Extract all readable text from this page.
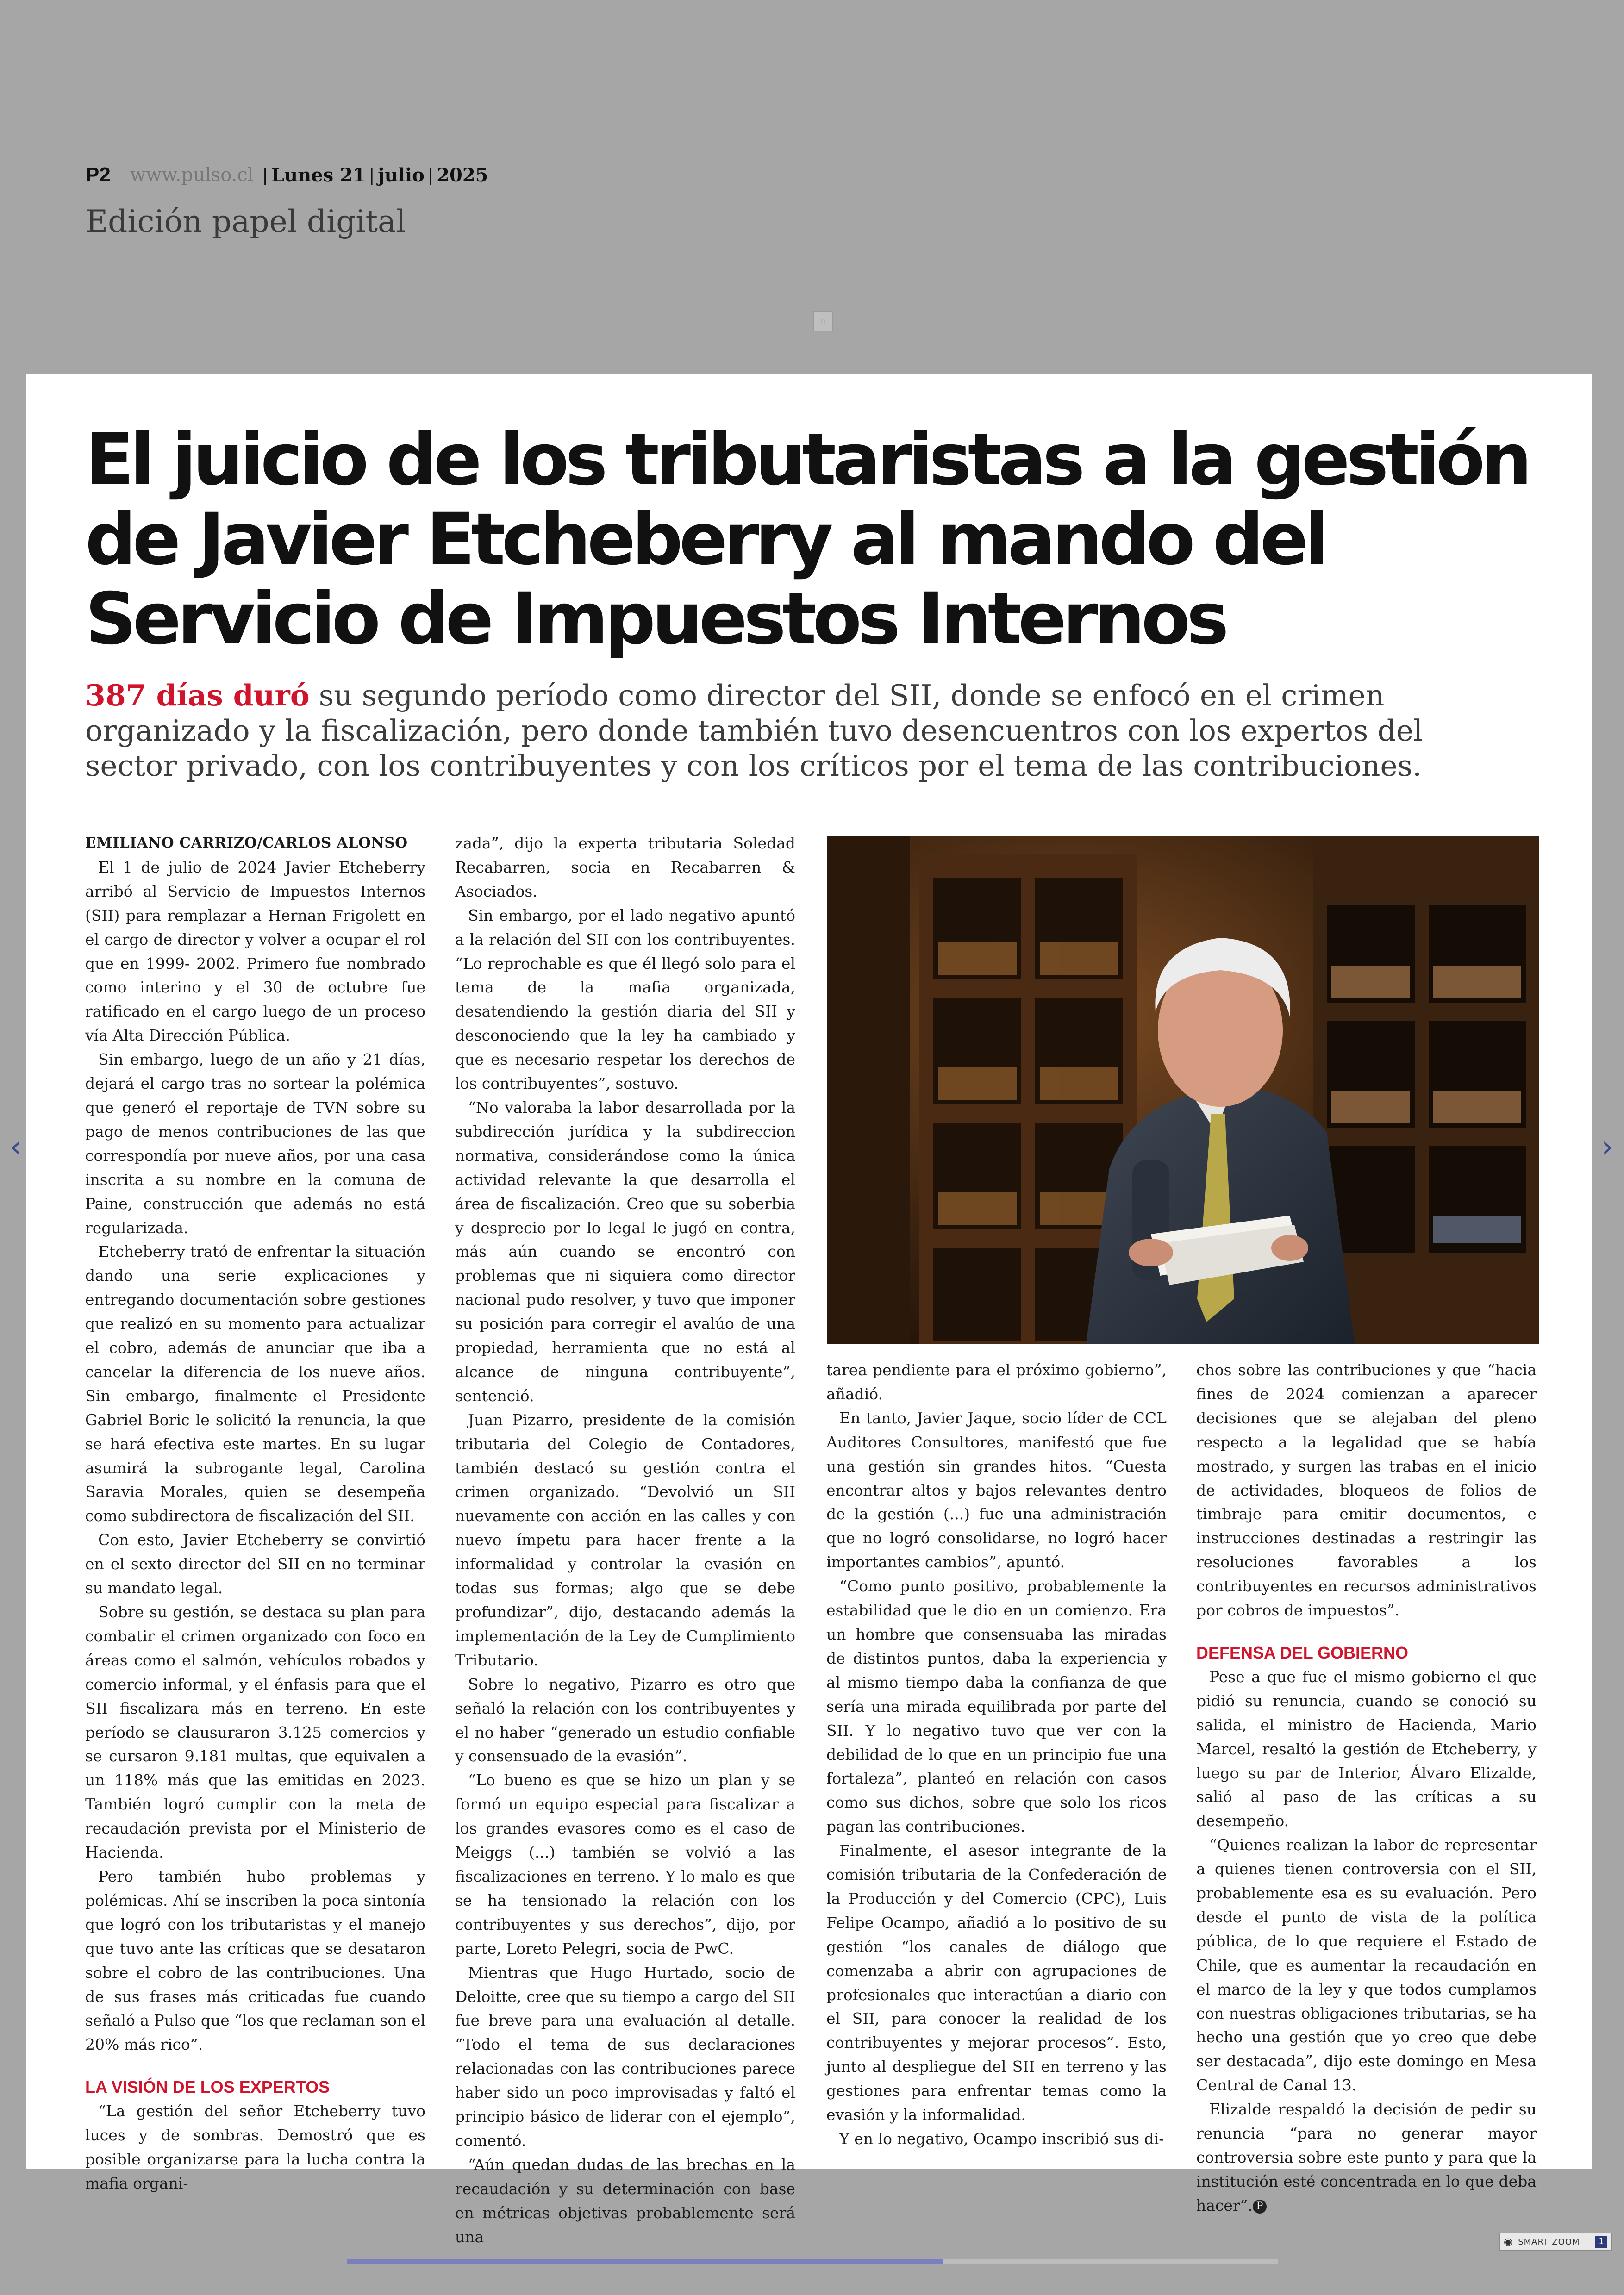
P2 www.pulso.cl | Lunes 21 | julio | 2025
Edición papel digital
▫
El juicio de los tributaristas a la gestión de Javier Etcheberry al mando del Servicio de Impuestos Internos
387 días duró su segundo período como director del SII, donde se enfocó en el crimen organizado y la fiscalización, pero donde también tuvo desencuentros con los expertos del sector privado, con los contribuyentes y con los críticos por el tema de las contribuciones.

EMILIANO CARRIZO/CARLOS ALONSO

El 1 de julio de 2024 Javier Etcheberry arribó al Servicio de Impuestos Internos (SII) para remplazar a Hernan Frigolett en el cargo de director y volver a ocupar el rol que en 1999- 2002. Primero fue nombrado como interino y el 30 de octubre fue ratificado en el cargo luego de un proceso vía Alta Dirección Pública.

Sin embargo, luego de un año y 21 días, dejará el cargo tras no sortear la polémica que generó el reportaje de TVN sobre su pago de menos contribuciones de las que correspondía por nueve años, por una casa inscrita a su nombre en la comuna de Paine, construcción que además no está regularizada.

Etcheberry trató de enfrentar la situación dando una serie explicaciones y entregando documentación sobre gestiones que realizó en su momento para actualizar el cobro, además de anunciar que iba a cancelar la diferencia de los nueve años. Sin embargo, finalmente el Presidente Gabriel Boric le solicitó la renuncia, la que se hará efectiva este martes. En su lugar asumirá la subrogante legal, Carolina Saravia Morales, quien se desempeña como subdirectora de fiscalización del SII.

Con esto, Javier Etcheberry se convirtió en el sexto director del SII en no terminar su mandato legal.

Sobre su gestión, se destaca su plan para combatir el crimen organizado con foco en áreas como el salmón, vehículos robados y comercio informal, y el énfasis para que el SII fiscalizara más en terreno. En este período se clausuraron 3.125 comercios y se cursaron 9.181 multas, que equivalen a un 118% más que las emitidas en 2023. También logró cumplir con la meta de recaudación prevista por el Ministerio de Hacienda.

Pero también hubo problemas y polémicas. Ahí se inscriben la poca sintonía que logró con los tributaristas y el manejo que tuvo ante las críticas que se desataron sobre el cobro de las contribuciones. Una de sus frases más criticadas fue cuando señaló a Pulso que “los que reclaman son el 20% más rico”.

LA VISIÓN DE LOS EXPERTOS

“La gestión del señor Etcheberry tuvo luces y de sombras. Demostró que es posible organizarse para la lucha contra la mafia organi-

zada”, dijo la experta tributaria Soledad Recabarren, socia en Recabarren & Asociados.

Sin embargo, por el lado negativo apuntó a la relación del SII con los contribuyentes. “Lo reprochable es que él llegó solo para el tema de la mafia organizada, desatendiendo la gestión diaria del SII y desconociendo que la ley ha cambiado y que es necesario respetar los derechos de los contribuyentes”, sostuvo.

“No valoraba la labor desarrollada por la subdirección jurídica y la subdireccion normativa, considerándose como la única actividad relevante la que desarrolla el área de fiscalización. Creo que su soberbia y desprecio por lo legal le jugó en contra, más aún cuando se encontró con problemas que ni siquiera como director nacional pudo resolver, y tuvo que imponer su posición para corregir el avalúo de una propiedad, herramienta que no está al alcance de ninguna contribuyente”, sentenció.

Juan Pizarro, presidente de la comisión tributaria del Colegio de Contadores, también destacó su gestión contra el crimen organizado. “Devolvió un SII nuevamente con acción en las calles y con nuevo ímpetu para hacer frente a la informalidad y controlar la evasión en todas sus formas; algo que se debe profundizar”, dijo, destacando además la implementación de la Ley de Cumplimiento Tributario.

Sobre lo negativo, Pizarro es otro que señaló la relación con los contribuyentes y el no haber “generado un estudio confiable y consensuado de la evasión”.

“Lo bueno es que se hizo un plan y se formó un equipo especial para fiscalizar a los grandes evasores como es el caso de Meiggs (...) también se volvió a las fiscalizaciones en terreno. Y lo malo es que se ha tensionado la relación con los contribuyentes y sus derechos”, dijo, por parte, Loreto Pelegri, socia de PwC.

Mientras que Hugo Hurtado, socio de Deloitte, cree que su tiempo a cargo del SII fue breve para una evaluación al detalle. “Todo el tema de sus declaraciones relacionadas con las contribuciones parece haber sido un poco improvisadas y faltó el principio básico de liderar con el ejemplo”, comentó.

“Aún quedan dudas de las brechas en la recaudación y su determinación con base en métricas objetivas probablemente será una

tarea pendiente para el próximo gobierno”, añadió.

En tanto, Javier Jaque, socio líder de CCL Auditores Consultores, manifestó que fue una gestión sin grandes hitos. “Cuesta encontrar altos y bajos relevantes dentro de la gestión (...) fue una administración que no logró consolidarse, no logró hacer importantes cambios”, apuntó.

“Como punto positivo, probablemente la estabilidad que le dio en un comienzo. Era un hombre que consensuaba las miradas de distintos puntos, daba la experiencia y al mismo tiempo daba la confianza de que sería una mirada equilibrada por parte del SII. Y lo negativo tuvo que ver con la debilidad de lo que en un principio fue una fortaleza”, planteó en relación con casos como sus dichos, sobre que solo los ricos pagan las contribuciones.

Finalmente, el asesor integrante de la comisión tributaria de la Confederación de la Producción y del Comercio (CPC), Luis Felipe Ocampo, añadió a lo positivo de su gestión “los canales de diálogo que comenzaba a abrir con agrupaciones de profesionales que interactúan a diario con el SII, para conocer la realidad de los contribuyentes y mejorar procesos”. Esto, junto al despliegue del SII en terreno y las gestiones para enfrentar temas como la evasión y la informalidad.

Y en lo negativo, Ocampo inscribió sus di-

chos sobre las contribuciones y que “hacia fines de 2024 comienzan a aparecer decisiones que se alejaban del pleno respecto a la legalidad que se había mostrado, y surgen las trabas en el inicio de actividades, bloqueos de folios de timbraje para emitir documentos, e instrucciones destinadas a restringir las resoluciones favorables a los contribuyentes en recursos administrativos por cobros de impuestos”.

DEFENSA DEL GOBIERNO

Pese a que fue el mismo gobierno el que pidió su renuncia, cuando se conoció su salida, el ministro de Hacienda, Mario Marcel, resaltó la gestión de Etcheberry, y luego su par de Interior, Álvaro Elizalde, salió al paso de las críticas a su desempeño.

“Quienes realizan la labor de representar a quienes tienen controversia con el SII, probablemente esa es su evaluación. Pero desde el punto de vista de la política pública, de lo que requiere el Estado de Chile, que es aumentar la recaudación en el marco de la ley y que todos cumplamos con nuestras obligaciones tributarias, se ha hecho una gestión que yo creo que debe ser destacada”, dijo este domingo en Mesa Central de Canal 13.

Elizalde respaldó la decisión de pedir su renuncia “para no generar mayor controversia sobre este punto y para que la institución esté concentrada en lo que deba hacer”. P

‹	›
◉ SMART ZOOM	1
